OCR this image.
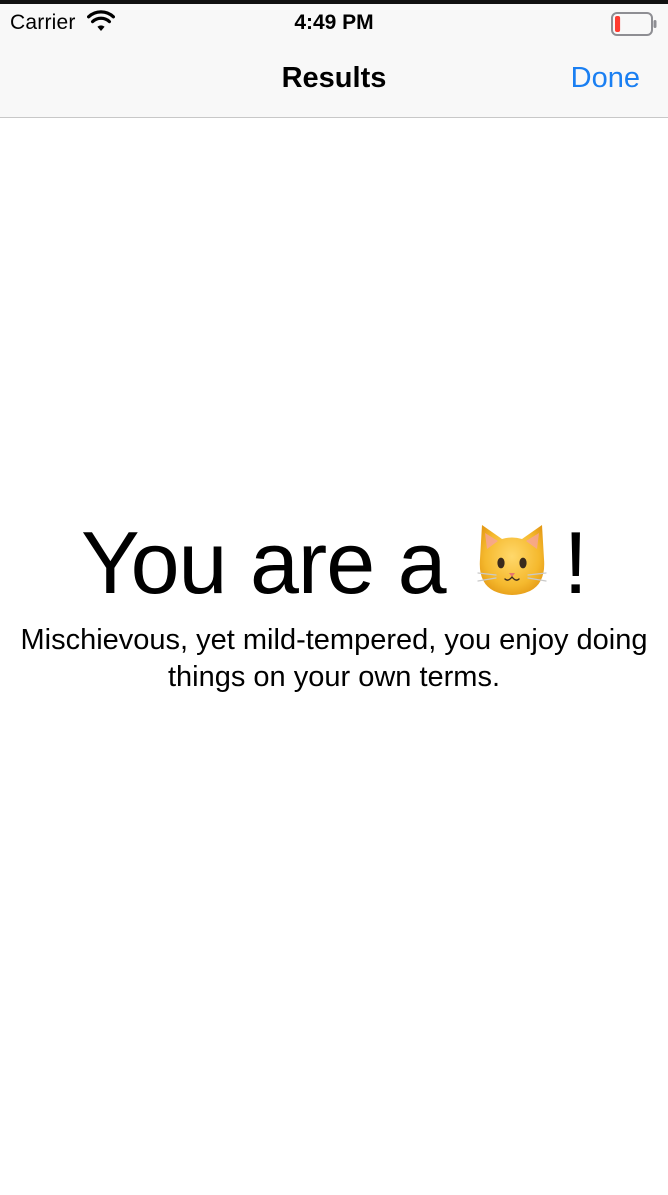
Carrier	4:49 PM
Results	Done
You are a !
Mischievous, yet mild-tempered, you enjoy doing things on your own terms.
